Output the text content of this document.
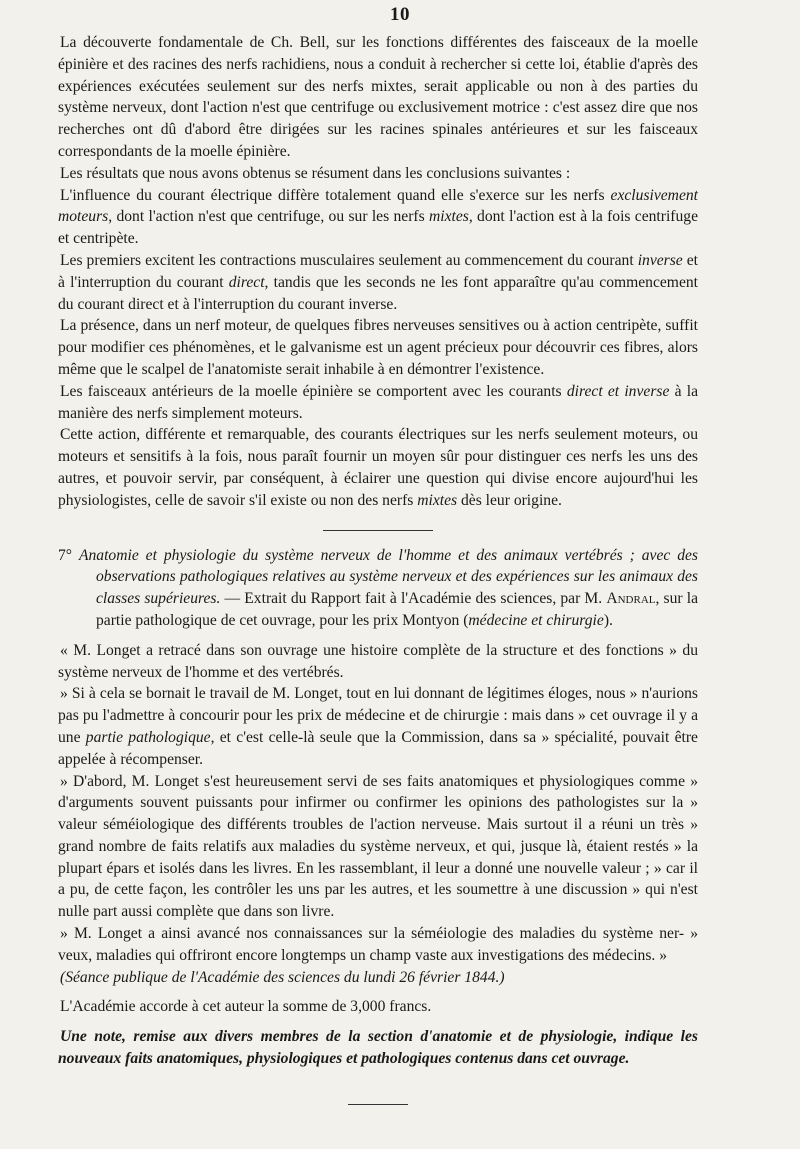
10

La découverte fondamentale de Ch. Bell, sur les fonctions différentes des faisceaux de la moelle épinière et des racines des nerfs rachidiens, nous a conduit à rechercher si cette loi, établie d'après des expériences exécutées seulement sur des nerfs mixtes, serait applicable ou non à des parties du système nerveux, dont l'action n'est que centrifuge ou exclusivement motrice : c'est assez dire que nos recherches ont dû d'abord être dirigées sur les racines spinales antérieures et sur les faisceaux correspondants de la moelle épinière.

Les résultats que nous avons obtenus se résument dans les conclusions suivantes :

L'influence du courant électrique diffère totalement quand elle s'exerce sur les nerfs exclusivement moteurs, dont l'action n'est que centrifuge, ou sur les nerfs mixtes, dont l'action est à la fois centrifuge et centripète.

Les premiers excitent les contractions musculaires seulement au commencement du courant inverse et à l'interruption du courant direct, tandis que les seconds ne les font apparaître qu'au commencement du courant direct et à l'interruption du courant inverse.

La présence, dans un nerf moteur, de quelques fibres nerveuses sensitives ou à action centripète, suffit pour modifier ces phénomènes, et le galvanisme est un agent précieux pour découvrir ces fibres, alors même que le scalpel de l'anatomiste serait inhabile à en démontrer l'existence.

Les faisceaux antérieurs de la moelle épinière se comportent avec les courants direct et inverse à la manière des nerfs simplement moteurs.

Cette action, différente et remarquable, des courants électriques sur les nerfs seulement moteurs, ou moteurs et sensitifs à la fois, nous paraît fournir un moyen sûr pour distinguer ces nerfs les uns des autres, et pouvoir servir, par conséquent, à éclairer une question qui divise encore aujourd'hui les physiologistes, celle de savoir s'il existe ou non des nerfs mixtes dès leur origine.

7° Anatomie et physiologie du système nerveux de l'homme et des animaux vertébrés ; avec des observations pathologiques relatives au système nerveux et des expériences sur les animaux des classes supérieures. — Extrait du Rapport fait à l'Académie des sciences, par M. Andral, sur la partie pathologique de cet ouvrage, pour les prix Montyon (médecine et chirurgie).

« M. Longet a retracé dans son ouvrage une histoire complète de la structure et des fonctions » du système nerveux de l'homme et des vertébrés.

» Si à cela se bornait le travail de M. Longet, tout en lui donnant de légitimes éloges, nous » n'aurions pas pu l'admettre à concourir pour les prix de médecine et de chirurgie : mais dans » cet ouvrage il y a une partie pathologique, et c'est celle-là seule que la Commission, dans sa » spécialité, pouvait être appelée à récompenser.

» D'abord, M. Longet s'est heureusement servi de ses faits anatomiques et physiologiques comme » d'arguments souvent puissants pour infirmer ou confirmer les opinions des pathologistes sur la » valeur séméiologique des différents troubles de l'action nerveuse. Mais surtout il a réuni un très » grand nombre de faits relatifs aux maladies du système nerveux, et qui, jusque là, étaient restés » la plupart épars et isolés dans les livres. En les rassemblant, il leur a donné une nouvelle valeur ; » car il a pu, de cette façon, les contrôler les uns par les autres, et les soumettre à une discussion » qui n'est nulle part aussi complète que dans son livre.

» M. Longet a ainsi avancé nos connaissances sur la séméiologie des maladies du système ner- » veux, maladies qui offriront encore longtemps un champ vaste aux investigations des médecins. »

(Séance publique de l'Académie des sciences du lundi 26 février 1844.)

L'Académie accorde à cet auteur la somme de 3,000 francs.

Une note, remise aux divers membres de la section d'anatomie et de physiologie, indique les nouveaux faits anatomiques, physiologiques et pathologiques contenus dans cet ouvrage.
